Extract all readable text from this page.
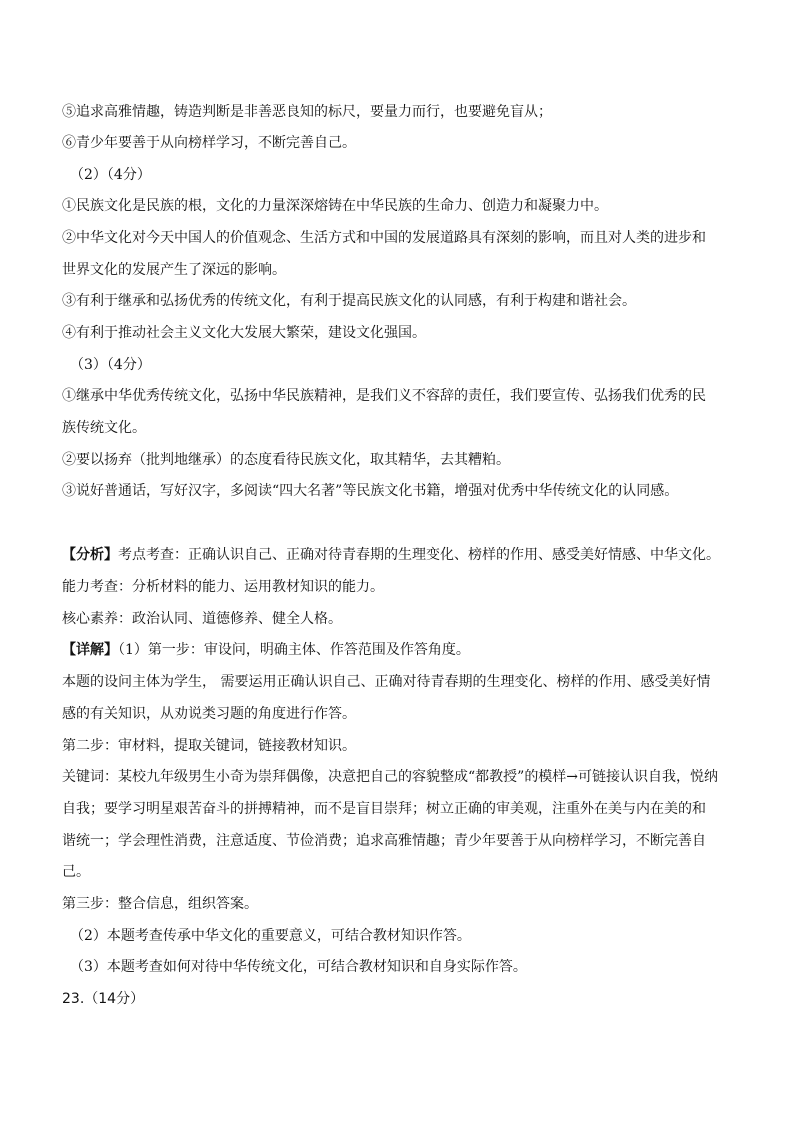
⑤追求高雅情趣，铸造判断是非善恶良知的标尺，要量力而行，也要避免盲从；
⑥青少年要善于从向榜样学习，不断完善自己。
（2）（4分）
①民族文化是民族的根，文化的力量深深熔铸在中华民族的生命力、创造力和凝聚力中。
②中华文化对今天中国人的价值观念、生活方式和中国的发展道路具有深刻的影响，而且对人类的进步和
世界文化的发展产生了深远的影响。
③有利于继承和弘扬优秀的传统文化，有利于提高民族文化的认同感，有利于构建和谐社会。
④有利于推动社会主义文化大发展大繁荣，建设文化强国。
（3）（4分）
①继承中华优秀传统文化，弘扬中华民族精神，是我们义不容辞的责任，我们要宣传、弘扬我们优秀的民
族传统文化。
②要以扬弃（批判地继承）的态度看待民族文化，取其精华，去其糟粕。
③说好普通话，写好汉字，多阅读“四大名著”等民族文化书籍，增强对优秀中华传统文化的认同感。
【分析】考点考查：正确认识自己、正确对待青春期的生理变化、榜样的作用、感受美好情感、中华文化。
能力考查：分析材料的能力、运用教材知识的能力。
核心素养：政治认同、道德修养、健全人格。
【详解】（1）第一步：审设问，明确主体、作答范围及作答角度。
本题的设问主体为学生， 需要运用正确认识自己、正确对待青春期的生理变化、榜样的作用、感受美好情
感的有关知识，从劝说类习题的角度进行作答。
第二步：审材料，提取关键词，链接教材知识。
关键词：某校九年级男生小奇为崇拜偶像，决意把自己的容貌整成“都教授”的模样→可链接认识自我，悦纳
自我；要学习明星艰苦奋斗的拼搏精神，而不是盲目崇拜；树立正确的审美观，注重外在美与内在美的和
谐统一；学会理性消费，注意适度、节俭消费；追求高雅情趣；青少年要善于从向榜样学习，不断完善自
己。
第三步：整合信息，组织答案。
（2）本题考查传承中华文化的重要意义，可结合教材知识作答。
（3）本题考查如何对待中华传统文化，可结合教材知识和自身实际作答。
23.（14分）
